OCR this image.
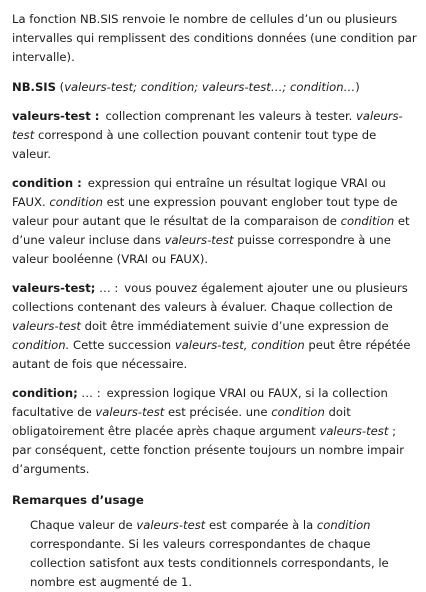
La fonction NB.SIS renvoie le nombre de cellules d’un ou plusieurs intervalles qui remplissent des conditions données (une condition par intervalle).

NB.SIS (valeurs-test; condition; valeurs-test…; condition…)

valeurs-test : collection comprenant les valeurs à tester. valeurs-test correspond à une collection pouvant contenir tout type de valeur.

condition : expression qui entraîne un résultat logique VRAI ou FAUX. condition est une expression pouvant englober tout type de valeur pour autant que le résultat de la comparaison de condition et d’une valeur incluse dans valeurs-test puisse correspondre à une valeur booléenne (VRAI ou FAUX).

valeurs-test; … : vous pouvez également ajouter une ou plusieurs collections contenant des valeurs à évaluer. Chaque collection de valeurs-test doit être immédiatement suivie d’une expression de condition. Cette succession valeurs-test, condition peut être répétée autant de fois que nécessaire.

condition; … : expression logique VRAI ou FAUX, si la collection facultative de valeurs-test est précisée. une condition doit obligatoirement être placée après chaque argument valeurs-test ; par conséquent, cette fonction présente toujours un nombre impair d’arguments.

Remarques d’usage

Chaque valeur de valeurs-test est comparée à la condition correspondante. Si les valeurs correspondantes de chaque collection satisfont aux tests conditionnels correspondants, le nombre est augmenté de 1.
